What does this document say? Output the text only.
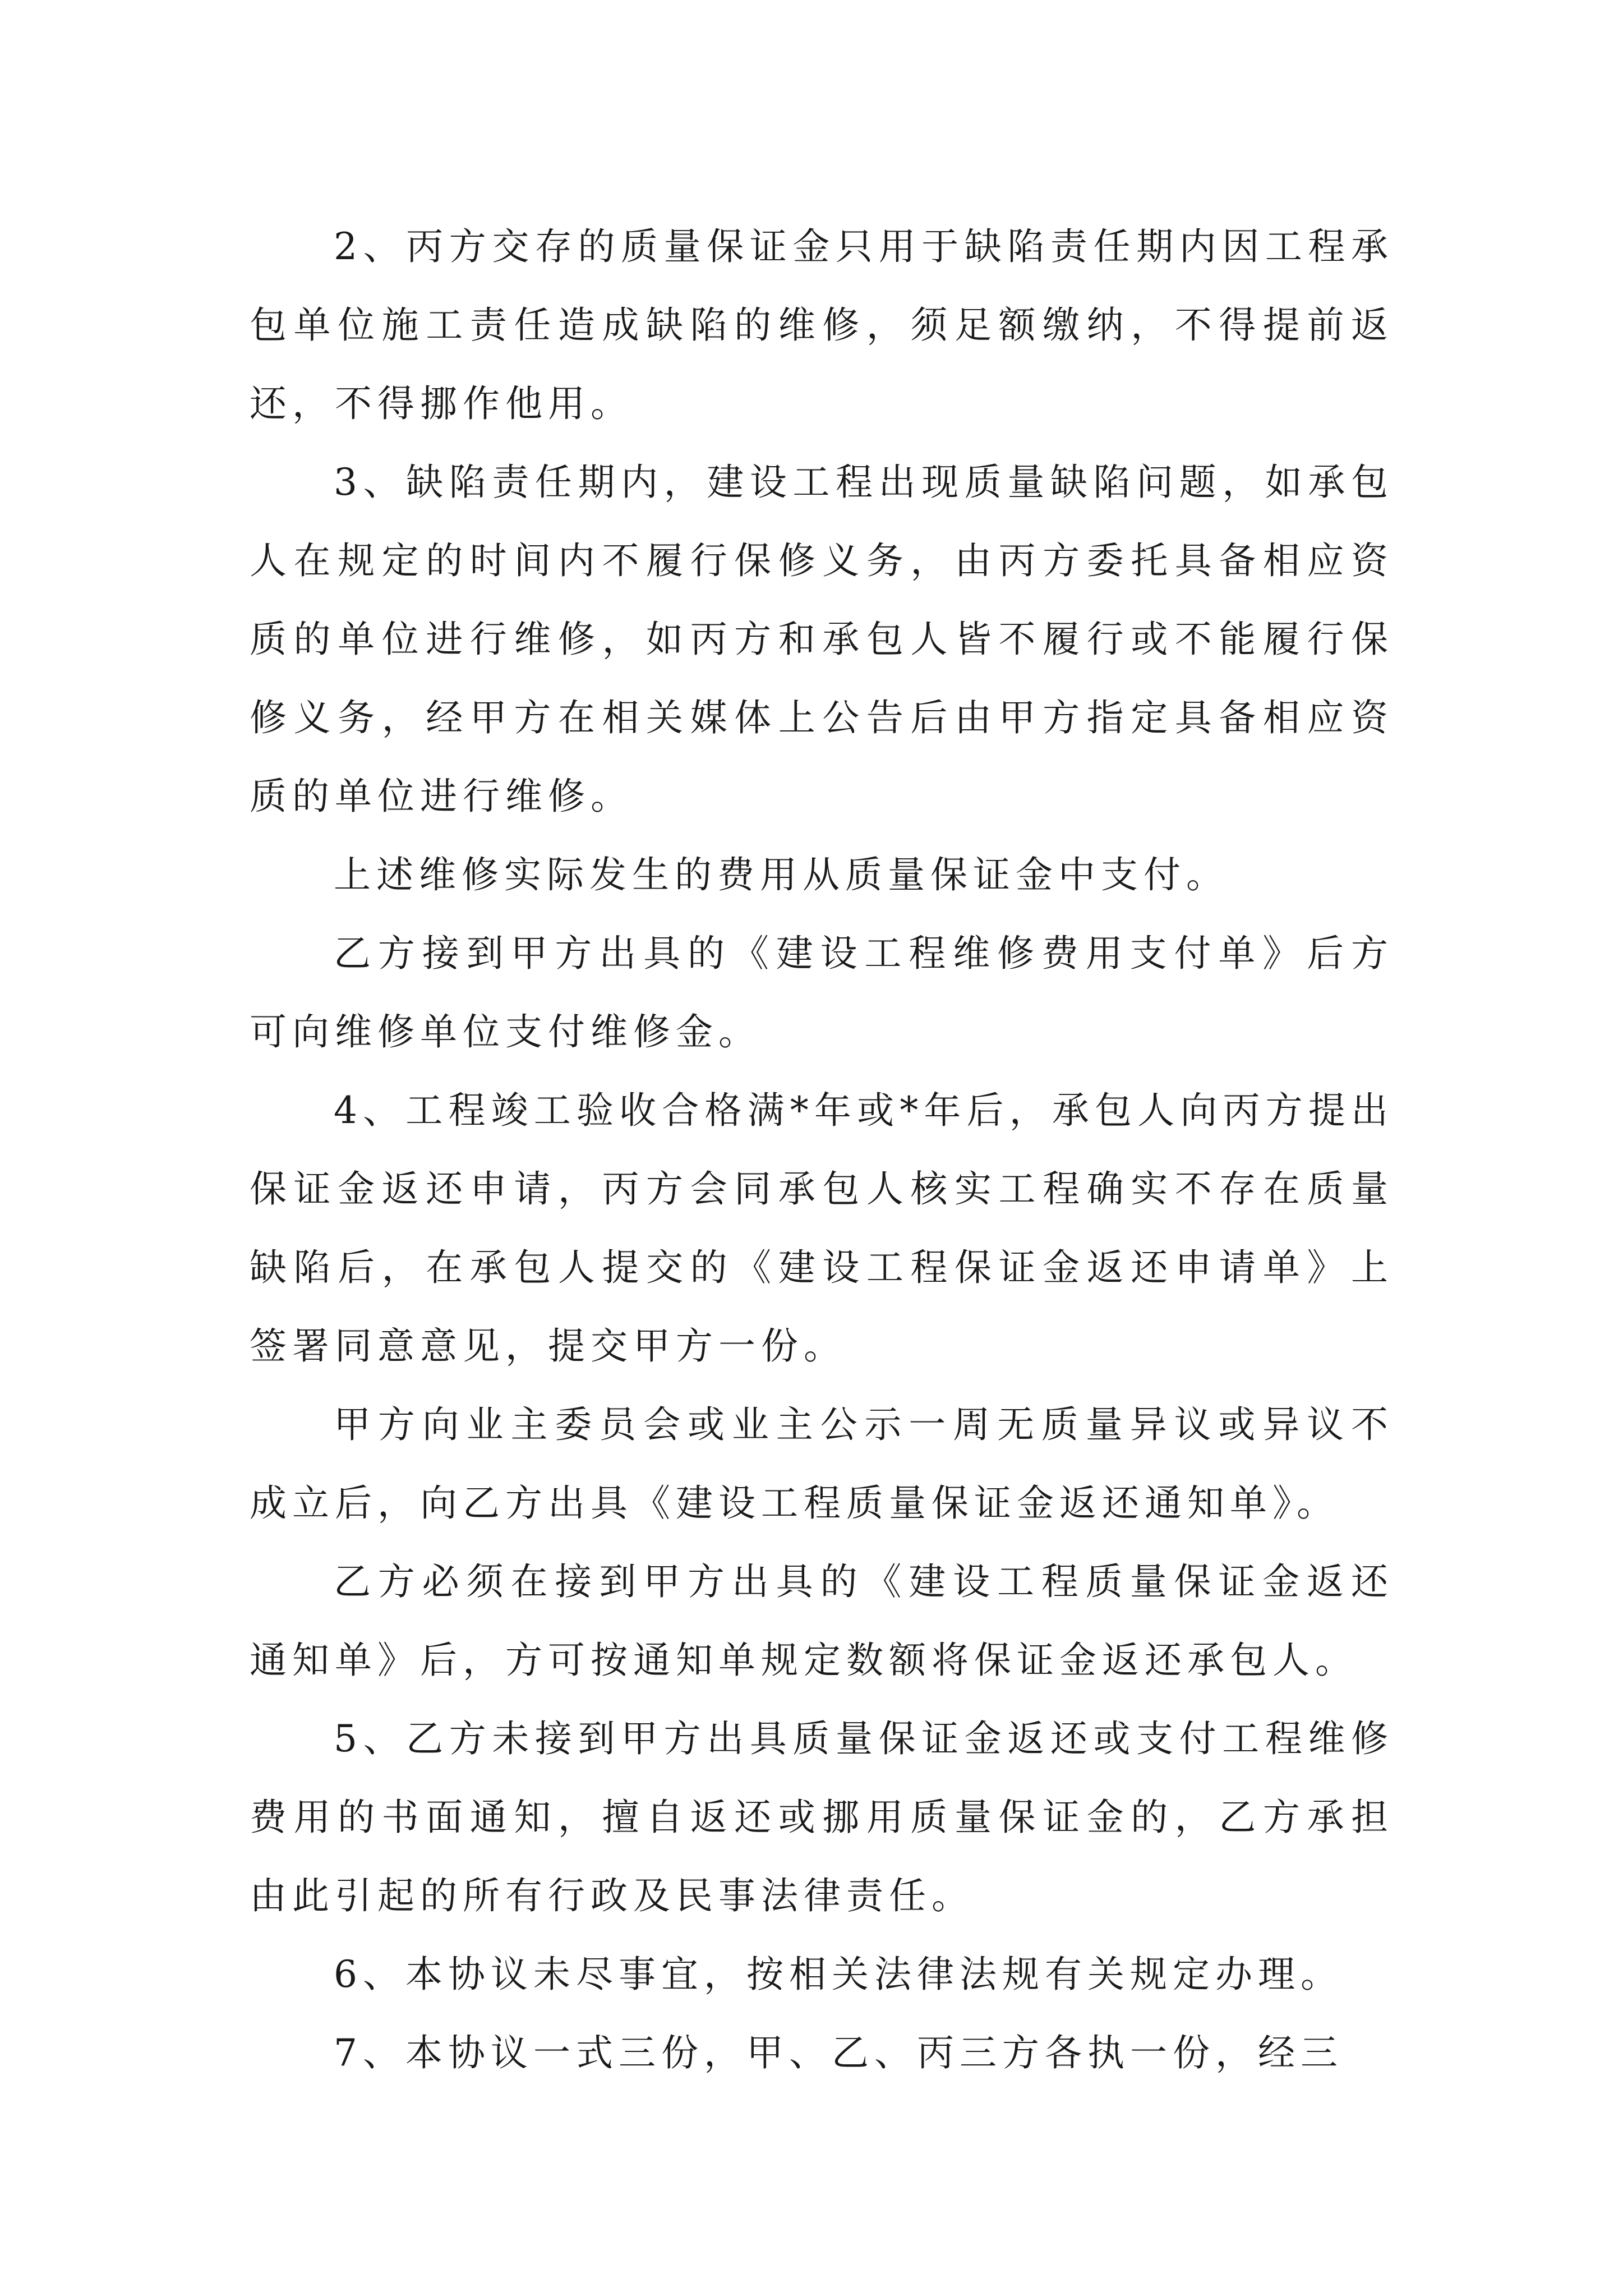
2、丙方交存的质量保证金只用于缺陷责任期内因工程承包单位施工责任造成缺陷的维修，须足额缴纳，不得提前返还，不得挪作他用。

3、缺陷责任期内，建设工程出现质量缺陷问题，如承包人在规定的时间内不履行保修义务，由丙方委托具备相应资质的单位进行维修，如丙方和承包人皆不履行或不能履行保修义务，经甲方在相关媒体上公告后由甲方指定具备相应资质的单位进行维修。

上述维修实际发生的费用从质量保证金中支付。

乙方接到甲方出具的《建设工程维修费用支付单》后方可向维修单位支付维修金。

4、工程竣工验收合格满*年或*年后，承包人向丙方提出保证金返还申请，丙方会同承包人核实工程确实不存在质量缺陷后，在承包人提交的《建设工程保证金返还申请单》上签署同意意见，提交甲方一份。

甲方向业主委员会或业主公示一周无质量异议或异议不成立后，向乙方出具《建设工程质量保证金返还通知单》。

乙方必须在接到甲方出具的《建设工程质量保证金返还通知单》后，方可按通知单规定数额将保证金返还承包人。

5、乙方未接到甲方出具质量保证金返还或支付工程维修费用的书面通知，擅自返还或挪用质量保证金的，乙方承担由此引起的所有行政及民事法律责任。

6、本协议未尽事宜，按相关法律法规有关规定办理。

7、本协议一式三份，甲、乙、丙三方各执一份，经三
